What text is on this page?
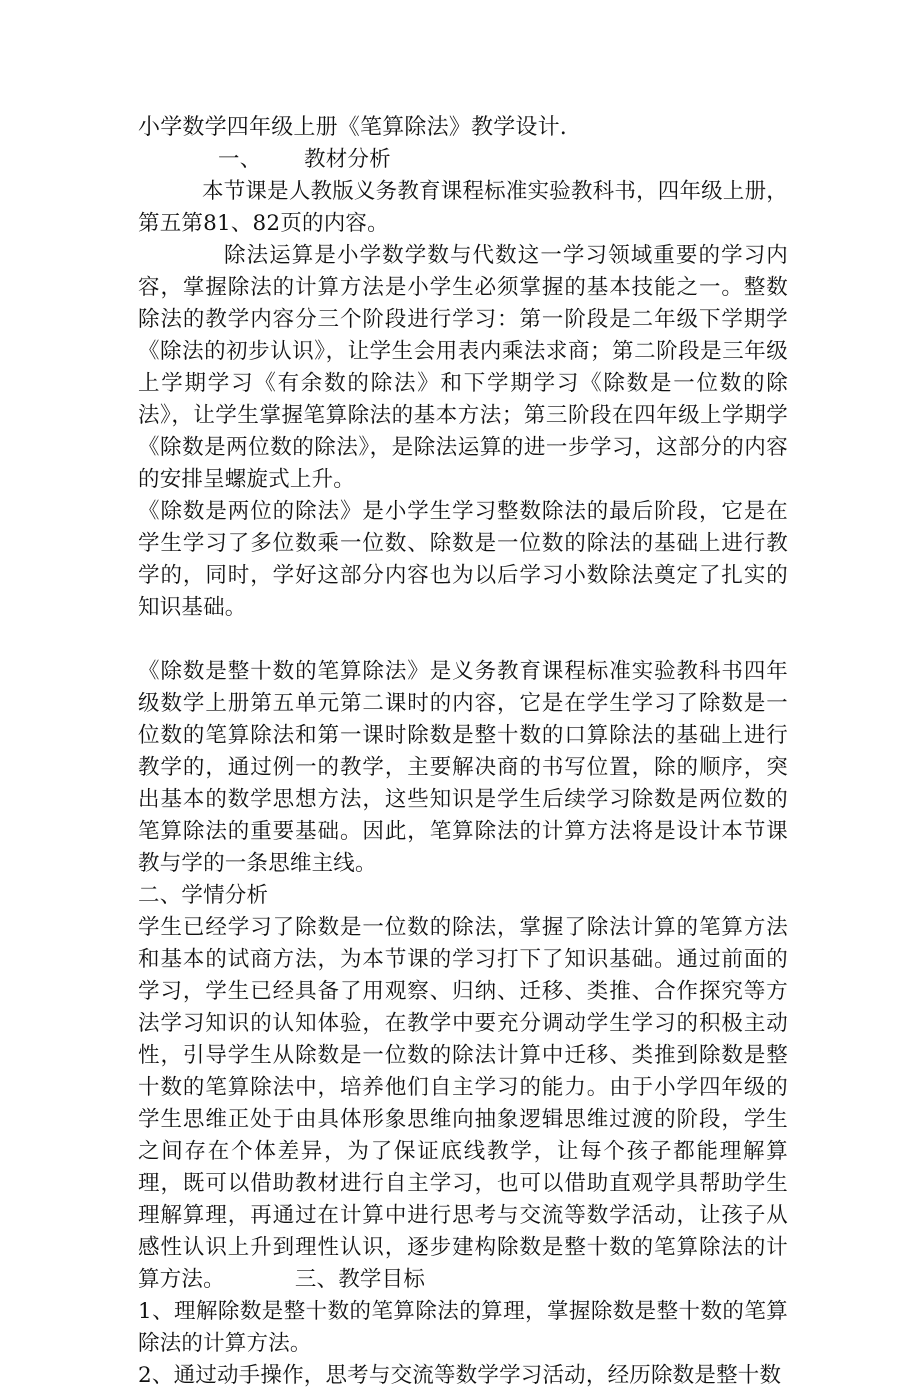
小学数学四年级上册《笔算除法》教学设计.

一、 教材分析

本节课是人教版义务教育课程标准实验教科书，四年级上册，第五第81、82页的内容。

除法运算是小学数学数与代数这一学习领域重要的学习内容，掌握除法的计算方法是小学生必须掌握的基本技能之一。整数除法的教学内容分三个阶段进行学习：第一阶段是二年级下学期学《除法的初步认识》，让学生会用表内乘法求商；第二阶段是三年级上学期学习《有余数的除法》和下学期学习《除数是一位数的除法》，让学生掌握笔算除法的基本方法；第三阶段在四年级上学期学《除数是两位数的除法》，是除法运算的进一步学习，这部分的内容的安排呈螺旋式上升。

《除数是两位的除法》是小学生学习整数除法的最后阶段，它是在学生学习了多位数乘一位数、除数是一位数的除法的基础上进行教学的，同时，学好这部分内容也为以后学习小数除法奠定了扎实的知识基础。

《除数是整十数的笔算除法》是义务教育课程标准实验教科书四年级数学上册第五单元第二课时的内容，它是在学生学习了除数是一位数的笔算除法和第一课时除数是整十数的口算除法的基础上进行教学的，通过例一的教学，主要解决商的书写位置，除的顺序，突出基本的数学思想方法，这些知识是学生后续学习除数是两位数的笔算除法的重要基础。因此，笔算除法的计算方法将是设计本节课教与学的一条思维主线。

二、学情分析

学生已经学习了除数是一位数的除法，掌握了除法计算的笔算方法和基本的试商方法，为本节课的学习打下了知识基础。通过前面的学习，学生已经具备了用观察、归纳、迁移、类推、合作探究等方法学习知识的认知体验，在教学中要充分调动学生学习的积极主动性，引导学生从除数是一位数的除法计算中迁移、类推到除数是整十数的笔算除法中，培养他们自主学习的能力。由于小学四年级的学生思维正处于由具体形象思维向抽象逻辑思维过渡的阶段，学生之间存在个体差异，为了保证底线教学，让每个孩子都能理解算理，既可以借助教材进行自主学习，也可以借助直观学具帮助学生理解算理，再通过在计算中进行思考与交流等数学活动，让孩子从感性认识上升到理性认识，逐步建构除数是整十数的笔算除法的计算方法。	三、教学目标

1、理解除数是整十数的笔算除法的算理，掌握除数是整十数的笔算除法的计算方法。

2、通过动手操作，思考与交流等数学学习活动，经历除数是整十数
